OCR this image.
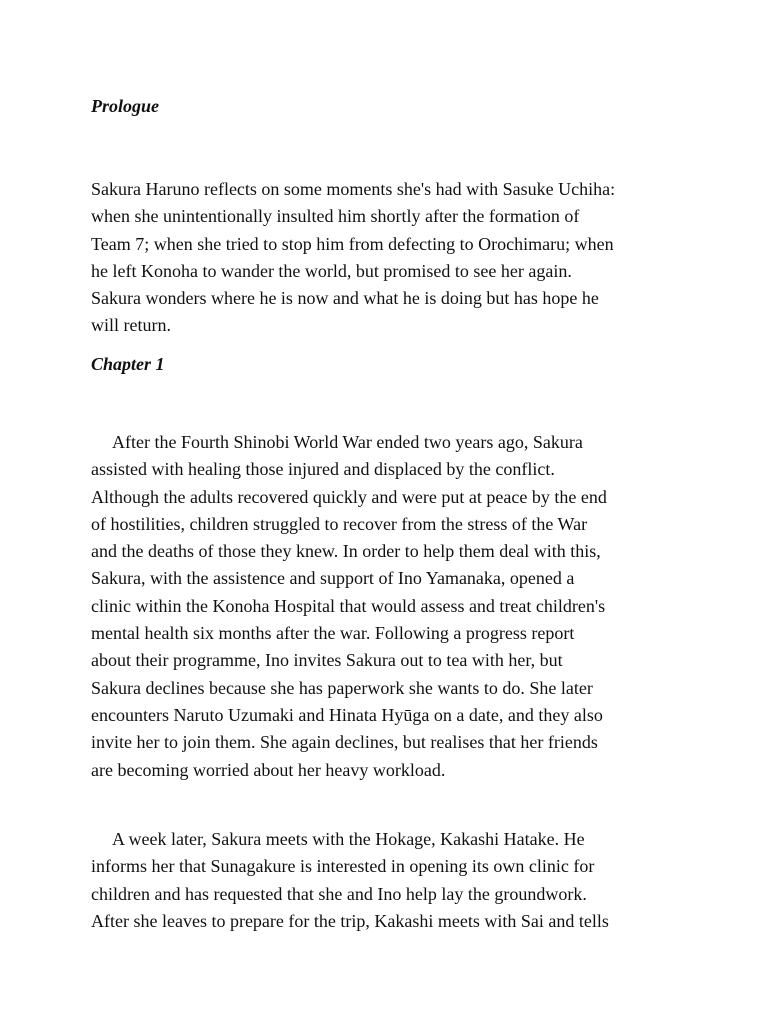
Prologue

Sakura Haruno reflects on some moments she's had with Sasuke Uchiha:
when she unintentionally insulted him shortly after the formation of
Team 7; when she tried to stop him from defecting to Orochimaru; when
he left Konoha to wander the world, but promised to see her again.
Sakura wonders where he is now and what he is doing but has hope he
will return.

Chapter 1

After the Fourth Shinobi World War ended two years ago, Sakura
assisted with healing those injured and displaced by the conflict.
Although the adults recovered quickly and were put at peace by the end
of hostilities, children struggled to recover from the stress of the War
and the deaths of those they knew. In order to help them deal with this,
Sakura, with the assistence and support of Ino Yamanaka, opened a
clinic within the Konoha Hospital that would assess and treat children's
mental health six months after the war. Following a progress report
about their programme, Ino invites Sakura out to tea with her, but
Sakura declines because she has paperwork she wants to do. She later
encounters Naruto Uzumaki and Hinata Hyūga on a date, and they also
invite her to join them. She again declines, but realises that her friends
are becoming worried about her heavy workload.

A week later, Sakura meets with the Hokage, Kakashi Hatake. He
informs her that Sunagakure is interested in opening its own clinic for
children and has requested that she and Ino help lay the groundwork.
After she leaves to prepare for the trip, Kakashi meets with Sai and tells
